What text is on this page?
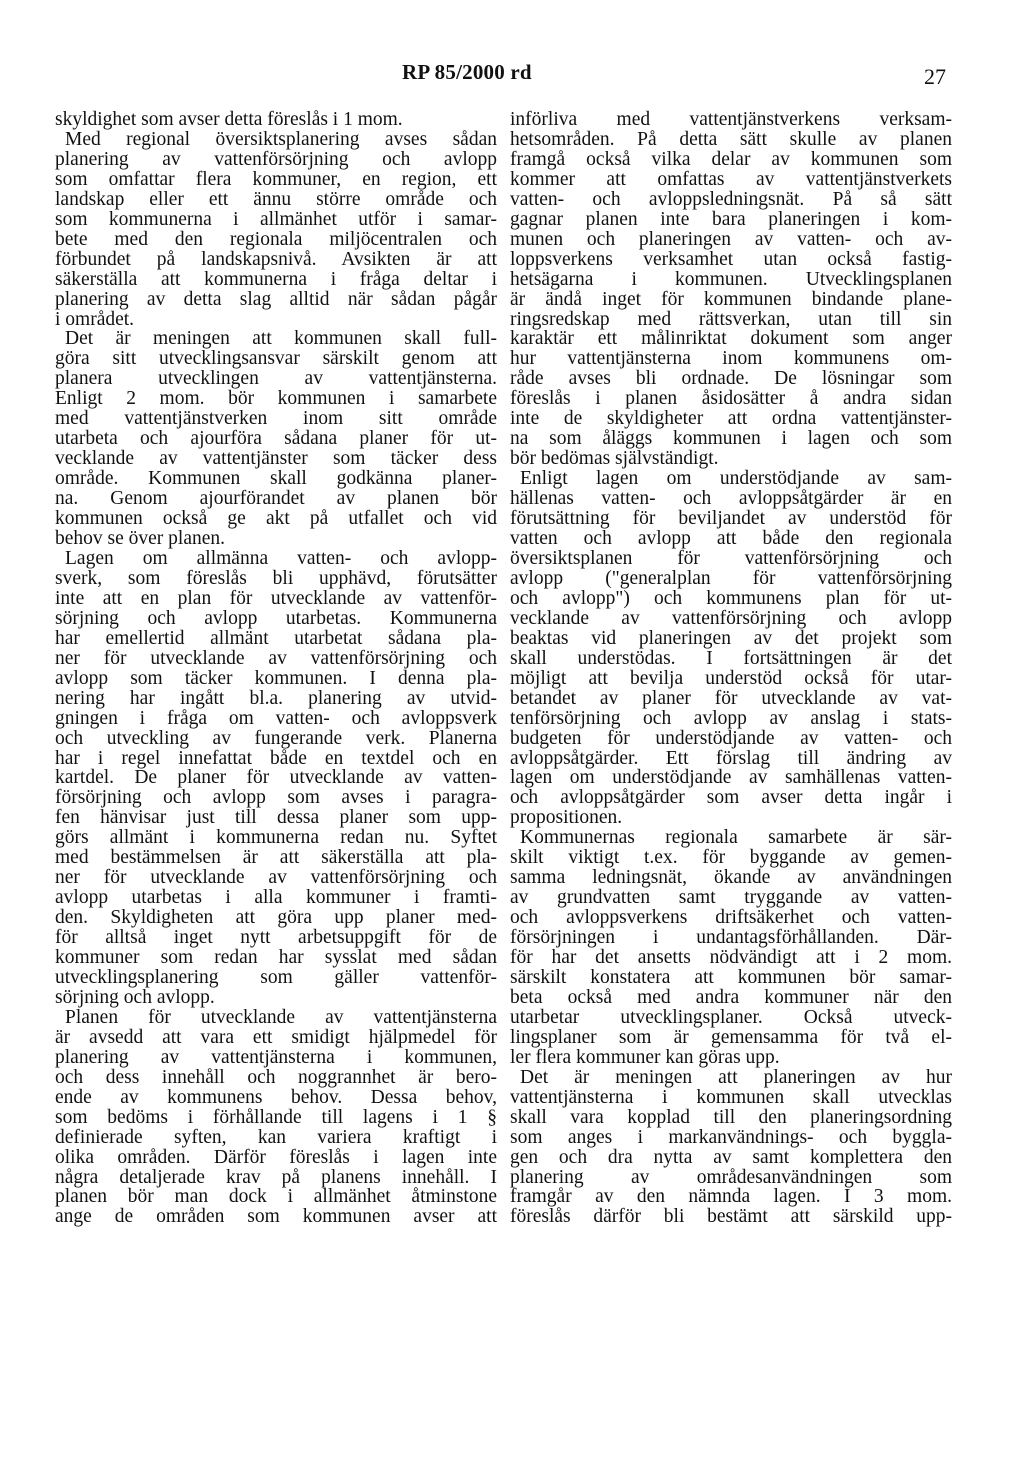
RP 85/2000 rd	27
skyldighet som avser detta föreslås i 1 mom.
Med regional översiktsplanering avses sådan
planering av vattenförsörjning och avlopp
som omfattar flera kommuner, en region, ett
landskap eller ett ännu större område och
som kommunerna i allmänhet utför i samar-
bete med den regionala miljöcentralen och
förbundet på landskapsnivå. Avsikten är att
säkerställa att kommunerna i fråga deltar i
planering av detta slag alltid när sådan pågår
i området.
Det är meningen att kommunen skall full-
göra sitt utvecklingsansvar särskilt genom att
planera utvecklingen av vattentjänsterna.
Enligt 2 mom. bör kommunen i samarbete
med vattentjänstverken inom sitt område
utarbeta och ajourföra sådana planer för ut-
vecklande av vattentjänster som täcker dess
område. Kommunen skall godkänna planer-
na. Genom ajourförandet av planen bör
kommunen också ge akt på utfallet och vid
behov se över planen.
Lagen om allmänna vatten- och avlopp-
sverk, som föreslås bli upphävd, förutsätter
inte att en plan för utvecklande av vattenför-
sörjning och avlopp utarbetas. Kommunerna
har emellertid allmänt utarbetat sådana pla-
ner för utvecklande av vattenförsörjning och
avlopp som täcker kommunen. I denna pla-
nering har ingått bl.a. planering av utvid-
gningen i fråga om vatten- och avloppsverk
och utveckling av fungerande verk. Planerna
har i regel innefattat både en textdel och en
kartdel. De planer för utvecklande av vatten-
försörjning och avlopp som avses i paragra-
fen hänvisar just till dessa planer som upp-
görs allmänt i kommunerna redan nu. Syftet
med bestämmelsen är att säkerställa att pla-
ner för utvecklande av vattenförsörjning och
avlopp utarbetas i alla kommuner i framti-
den. Skyldigheten att göra upp planer med-
för alltså inget nytt arbetsuppgift för de
kommuner som redan har sysslat med sådan
utvecklingsplanering som gäller vattenför-
sörjning och avlopp.
Planen för utvecklande av vattentjänsterna
är avsedd att vara ett smidigt hjälpmedel för
planering av vattentjänsterna i kommunen,
och dess innehåll och noggrannhet är bero-
ende av kommunens behov. Dessa behov,
som bedöms i förhållande till lagens i 1 §
definierade syften, kan variera kraftigt i
olika områden. Därför föreslås i lagen inte
några detaljerade krav på planens innehåll. I
planen bör man dock i allmänhet åtminstone
ange de områden som kommunen avser att
införliva med vattentjänstverkens verksam-
hetsområden. På detta sätt skulle av planen
framgå också vilka delar av kommunen som
kommer att omfattas av vattentjänstverkets
vatten- och avloppsledningsnät. På så sätt
gagnar planen inte bara planeringen i kom-
munen och planeringen av vatten- och av-
loppsverkens verksamhet utan också fastig-
hetsägarna i kommunen. Utvecklingsplanen
är ändå inget för kommunen bindande plane-
ringsredskap med rättsverkan, utan till sin
karaktär ett målinriktat dokument som anger
hur vattentjänsterna inom kommunens om-
råde avses bli ordnade. De lösningar som
föreslås i planen åsidosätter å andra sidan
inte de skyldigheter att ordna vattentjänster-
na som åläggs kommunen i lagen och som
bör bedömas självständigt.
Enligt lagen om understödjande av sam-
hällenas vatten- och avloppsåtgärder är en
förutsättning för beviljandet av understöd för
vatten och avlopp att både den regionala
översiktsplanen för vattenförsörjning och
avlopp ("generalplan för vattenförsörjning
och avlopp") och kommunens plan för ut-
vecklande av vattenförsörjning och avlopp
beaktas vid planeringen av det projekt som
skall understödas. I fortsättningen är det
möjligt att bevilja understöd också för utar-
betandet av planer för utvecklande av vat-
tenförsörjning och avlopp av anslag i stats-
budgeten för understödjande av vatten- och
avloppsåtgärder. Ett förslag till ändring av
lagen om understödjande av samhällenas vatten-
och avloppsåtgärder som avser detta ingår i
propositionen.
Kommunernas regionala samarbete är sär-
skilt viktigt t.ex. för byggande av gemen-
samma ledningsnät, ökande av användningen
av grundvatten samt tryggande av vatten-
och avloppsverkens driftsäkerhet och vatten-
försörjningen i undantagsförhållanden. Där-
för har det ansetts nödvändigt att i 2 mom.
särskilt konstatera att kommunen bör samar-
beta också med andra kommuner när den
utarbetar utvecklingsplaner. Också utveck-
lingsplaner som är gemensamma för två el-
ler flera kommuner kan göras upp.
Det är meningen att planeringen av hur
vattentjänsterna i kommunen skall utvecklas
skall vara kopplad till den planeringsordning
som anges i markanvändnings- och byggla-
gen och dra nytta av samt komplettera den
planering av områdesanvändningen som
framgår av den nämnda lagen. I 3 mom.
föreslås därför bli bestämt att särskild upp-
